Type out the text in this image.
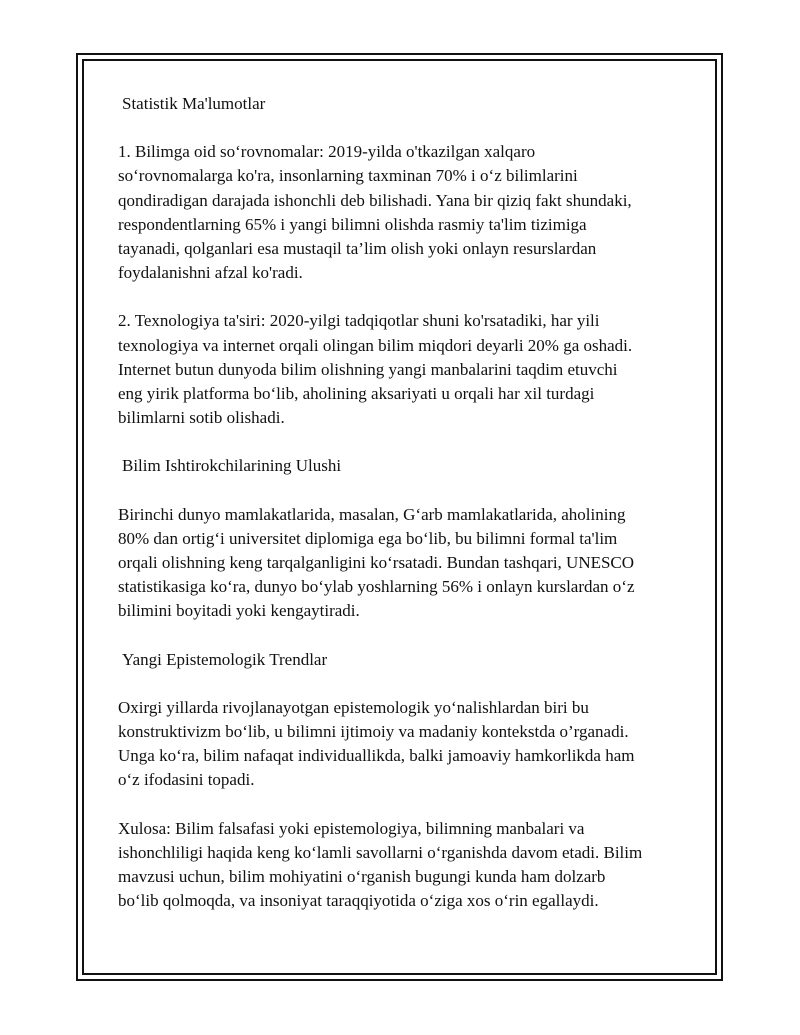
Statistik Ma'lumotlar
1. Bilimga oid so‘rovnomalar: 2019-yilda o'tkazilgan xalqaro
so‘rovnomalarga ko'ra, insonlarning taxminan 70% i o‘z bilimlarini
qondiradigan darajada ishonchli deb bilishadi. Yana bir qiziq fakt shundaki,
respondentlarning 65% i yangi bilimni olishda rasmiy ta'lim tizimiga
tayanadi, qolganlari esa mustaqil ta’lim olish yoki onlayn resurslardan
foydalanishni afzal ko'radi.
2. Texnologiya ta'siri: 2020-yilgi tadqiqotlar shuni ko'rsatadiki, har yili
texnologiya va internet orqali olingan bilim miqdori deyarli 20% ga oshadi.
Internet butun dunyoda bilim olishning yangi manbalarini taqdim etuvchi
eng yirik platforma bo‘lib, aholining aksariyati u orqali har xil turdagi
bilimlarni sotib olishadi.
Bilim Ishtirokchilarining Ulushi
Birinchi dunyo mamlakatlarida, masalan, G‘arb mamlakatlarida, aholining
80% dan ortig‘i universitet diplomiga ega bo‘lib, bu bilimni formal ta'lim
orqali olishning keng tarqalganligini ko‘rsatadi. Bundan tashqari, UNESCO
statistikasiga ko‘ra, dunyo bo‘ylab yoshlarning 56% i onlayn kurslardan o‘z
bilimini boyitadi yoki kengaytiradi.
Yangi Epistemologik Trendlar
Oxirgi yillarda rivojlanayotgan epistemologik yo‘nalishlardan biri bu
konstruktivizm bo‘lib, u bilimni ijtimoiy va madaniy kontekstda o’rganadi.
Unga ko‘ra, bilim nafaqat individuallikda, balki jamoaviy hamkorlikda ham
o‘z ifodasini topadi.
Xulosa: Bilim falsafasi yoki epistemologiya, bilimning manbalari va
ishonchliligi haqida keng ko‘lamli savollarni o‘rganishda davom etadi. Bilim
mavzusi uchun, bilim mohiyatini o‘rganish bugungi kunda ham dolzarb
bo‘lib qolmoqda, va insoniyat taraqqiyotida o‘ziga xos o‘rin egallaydi.
